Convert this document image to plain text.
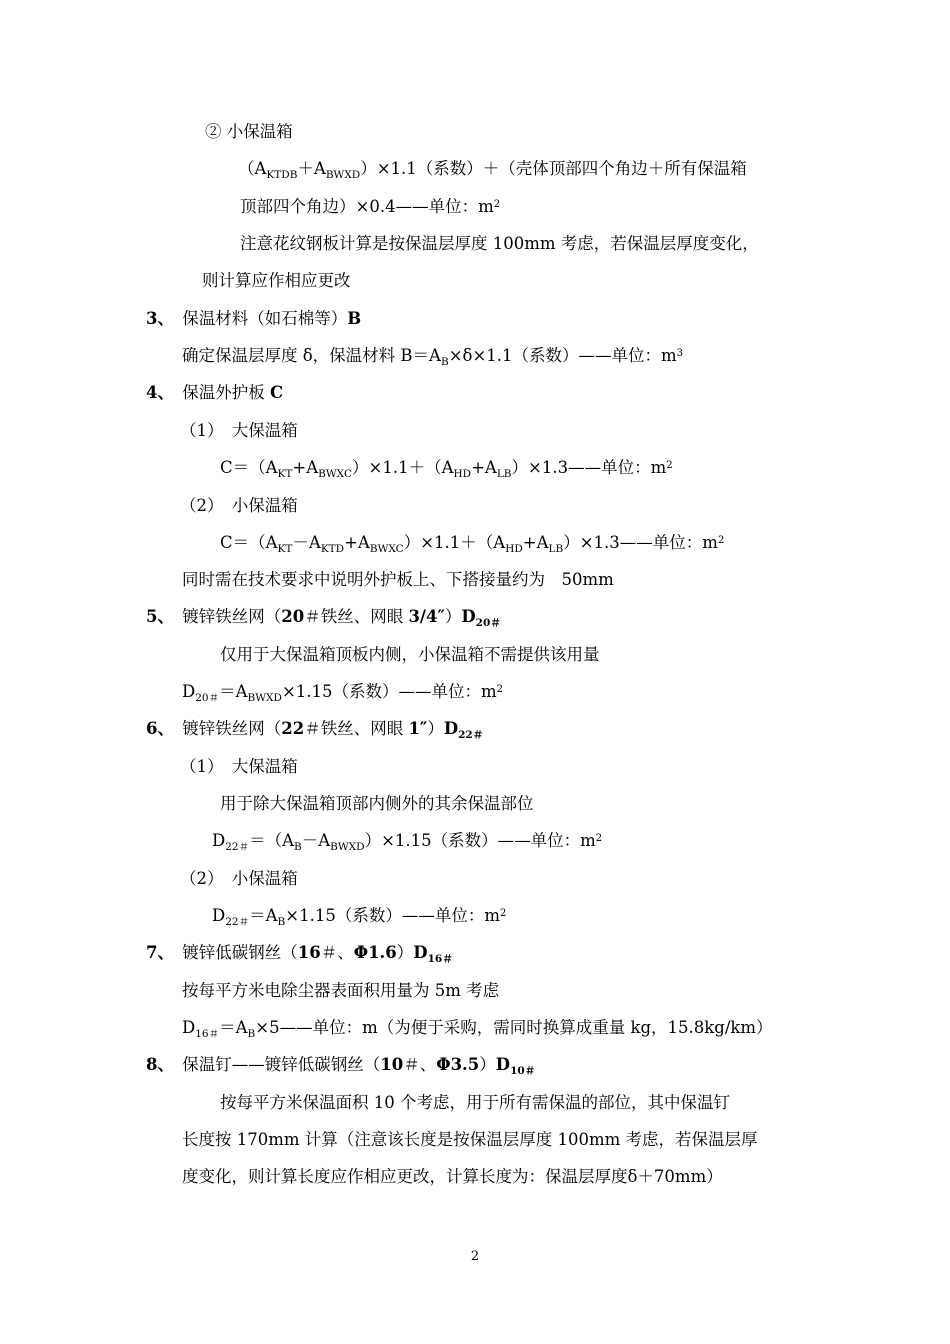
② 小保温箱
$(A_{KTDB}+A_{BWXD})\times 1.1$（系数）＋（壳体顶部四个角边＋所有保温箱
顶部四个角边）×0.4——单位：$m^2$
注意花纹钢板计算是按保温层厚度 100mm 考虑，若保温层厚度变化，
则计算应作相应更改
3、　保温材料（如石棉等）B
确定保温层厚度 δ，保温材料 $B=A_B\times\delta\times 1.1$（系数）——单位：$m^3$
4、　保温外护板 C
（1）　大保温箱
$C=(A_{KT}+A_{BWXC})\times 1.1+(A_{HD}+A_{LB})\times 1.3——$单位：$m^2$
（2）　小保温箱
$C=(A_{KT}-A_{KTD}+A_{BWXC})\times 1.1+(A_{HD}+A_{LB})\times 1.3——$单位：$m^2$
同时需在技术要求中说明外护板上、下搭接量约为　50mm
5、　镀锌铁丝网（20＃铁丝、网眼 $3/4'')D_{20\#}$
仅用于大保温箱顶板内侧，小保温箱不需提供该用量
$D_{20\#}=A_{BWXD}\times 1.15$（系数）——单位：$m^2$
6、　镀锌铁丝网（22＃铁丝、网眼 $1'')D_{22\#}$
（1）　大保温箱
用于除大保温箱顶部内侧外的其余保温部位
$D_{22\#}=(A_B-A_{BWXD})\times 1.15$（系数）——单位：$m^2$
（2）　小保温箱
$D_{22\#}=A_B\times 1.15$（系数）——单位：$m^2$
7、　镀锌低碳钢丝（16＃、$\Phi 1.6)D_{16\#}$
按每平方米电除尘器表面积用量为 5m 考虑
$D_{16\#}=A_B\times 5——$单位：m（为便于采购，需同时换算成重量 kg，15.8kg/km）
8、　保温钉——镀锌低碳钢丝（10＃、$\Phi 3.5)D_{10\#}$
按每平方米保温面积 10 个考虑，用于所有需保温的部位，其中保温钉
长度按 170mm 计算（注意该长度是按保温层厚度 100mm 考虑，若保温层厚
度变化，则计算长度应作相应更改，计算长度为：保温层厚度δ＋70mm）
2
